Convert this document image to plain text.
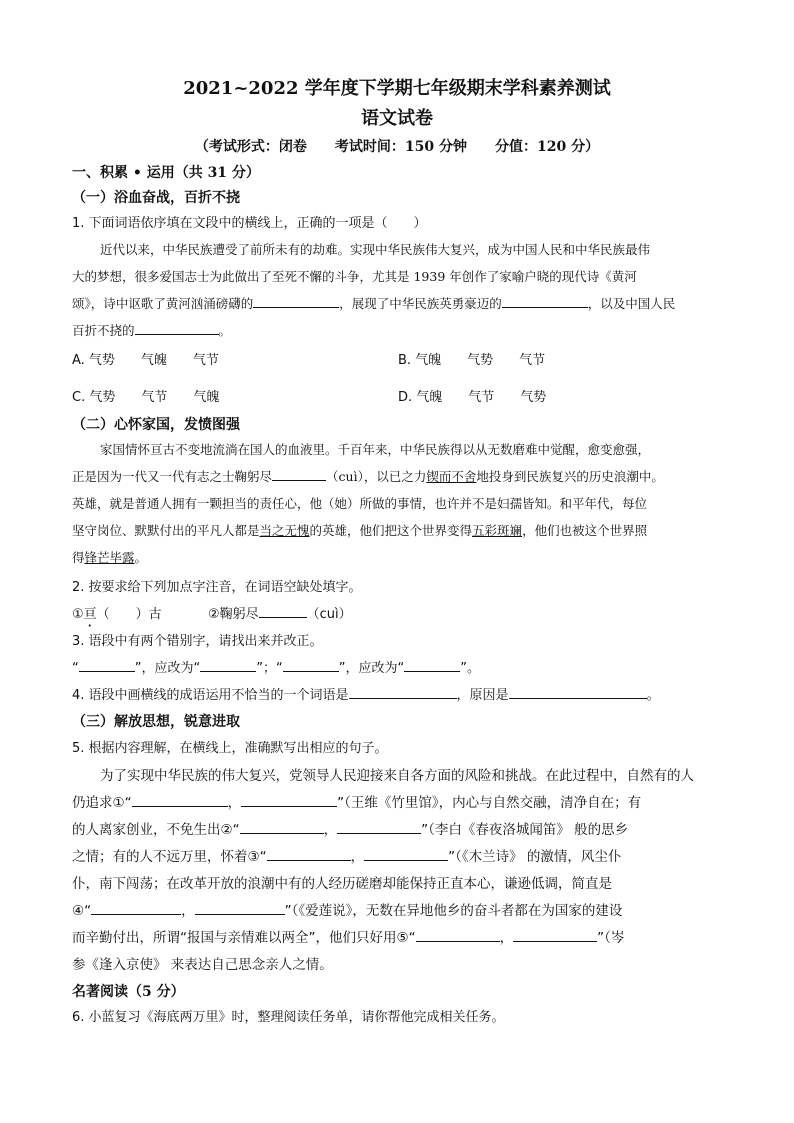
2021~2022 学年度下学期七年级期末学科素养测试
语文试卷
（考试形式：闭卷　　考试时间：150 分钟　　分值：120 分）
一、积累 • 运用（共 31 分）
（一）浴血奋战，百折不挠
1. 下面词语依序填在文段中的横线上，正确的一项是（　　）
近代以来，中华民族遭受了前所未有的劫难。实现中华民族伟大复兴，成为中国人民和中华民族最伟
大的梦想，很多爱国志士为此做出了至死不懈的斗争，尤其是 1939 年创作了家喻户晓的现代诗《黄河
颂》，诗中讴歌了黄河汹涌磅礴的	，展现了中华民族英勇豪迈的	，以及中国人民
百折不挠的	。
A. 气势　　气魄　　气节	B. 气魄　　气势　　气节
C. 气势　　气节　　气魄	D. 气魄　　气节　　气势
（二）心怀家国，发愤图强
家国情怀亘古不变地流淌在国人的血液里。千百年来，中华民族得以从无数磨难中觉醒，愈变愈强，
正是因为一代又一代有志之士鞠躬尽	（cuì），以已之力锲而不舍地投身到民族复兴的历史浪潮中。
英雄，就是普通人拥有一颗担当的责任心，他（她）所做的事情，也许并不是妇孺皆知。和平年代，每位
坚守岗位、默默付出的平凡人都是当之无愧的英雄，他们把这个世界变得五彩斑斓，他们也被这个世界照
得锋芒毕露。
2. 按要求给下列加点字注音，在词语空缺处填字。
①亘（　　）古	②鞠躬尽	（cuì）
3. 语段中有两个错别字，请找出来并改正。
“	”，应改为“	”；“	”，应改为“	”。
4. 语段中画横线的成语运用不恰当的一个词语是	，原因是	。
（三）解放思想，锐意进取
5. 根据内容理解，在横线上，准确默写出相应的句子。
为了实现中华民族的伟大复兴，党领导人民迎接来自各方面的风险和挑战。在此过程中，自然有的人
仍追求①“	，	”（王维《竹里馆》，内心与自然交融，清净自在；有
的人离家创业，不免生出②“	，	”（李白《春夜洛城闻笛》 般的思乡
之情；有的人不远万里，怀着③“	，	”（《木兰诗》 的激情，风尘仆
仆，南下闯荡；在改革开放的浪潮中有的人经历磋磨却能保持正直本心，谦逊低调，简直是
④“	，	”（《爱莲说》，无数在异地他乡的奋斗者都在为国家的建设
而辛勤付出，所谓“报国与亲情难以两全”，他们只好用⑤“	，	”（岑
参《逢入京使》 来表达自己思念亲人之情。
名著阅读（5 分）
6. 小蓝复习《海底两万里》时，整理阅读任务单，请你帮他完成相关任务。
